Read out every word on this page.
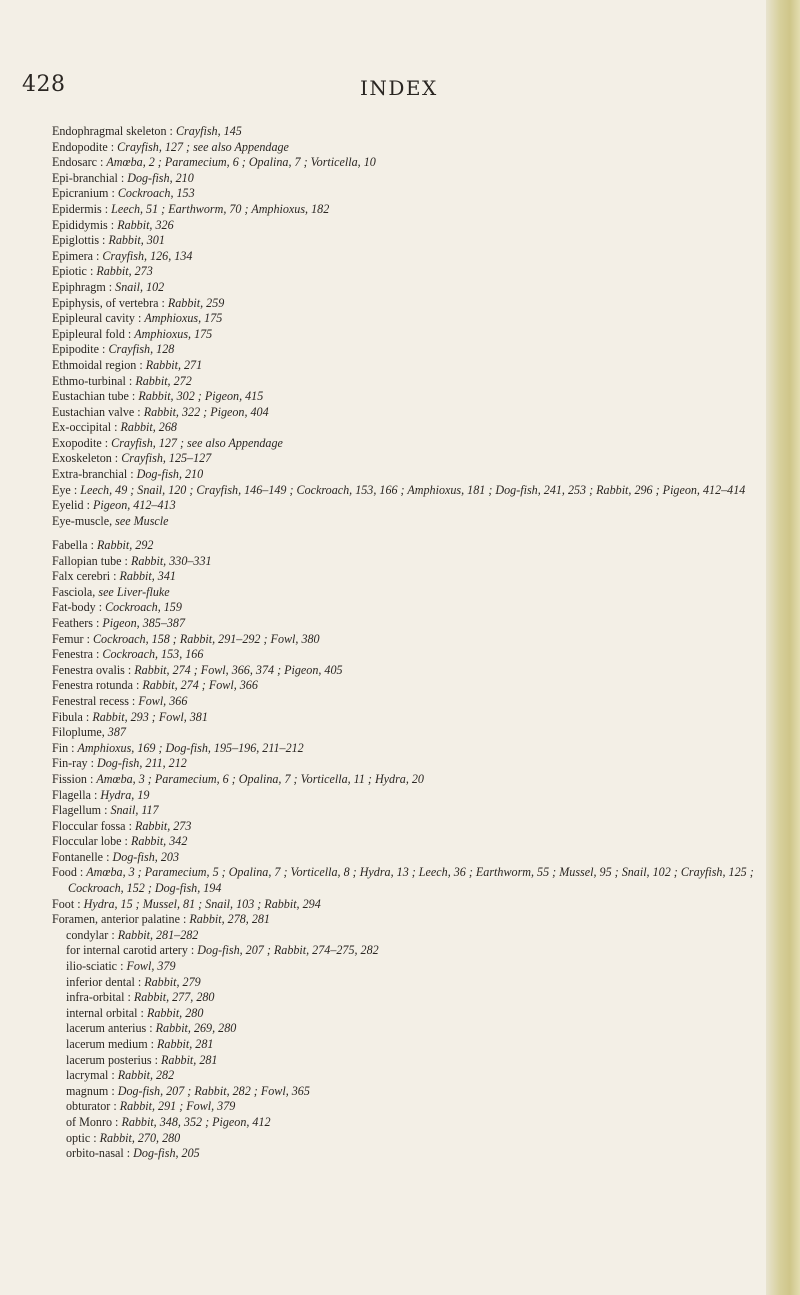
428	INDEX
Endophragmal skeleton : Crayfish, 145
Endopodite : Crayfish, 127 ; see also Appendage
Endosarc : Amœba, 2 ; Paramecium, 6 ; Opalina, 7 ; Vorticella, 10
Epi-branchial : Dog-fish, 210
Epicranium : Cockroach, 153
Epidermis : Leech, 51 ; Earthworm, 70 ; Amphioxus, 182
Epididymis : Rabbit, 326
Epiglottis : Rabbit, 301
Epimera : Crayfish, 126, 134
Epiotic : Rabbit, 273
Epiphragm : Snail, 102
Epiphysis, of vertebra : Rabbit, 259
Epipleural cavity : Amphioxus, 175
Epipleural fold : Amphioxus, 175
Epipodite : Crayfish, 128
Ethmoidal region : Rabbit, 271
Ethmo-turbinal : Rabbit, 272
Eustachian tube : Rabbit, 302 ; Pigeon, 415
Eustachian valve : Rabbit, 322 ; Pigeon, 404
Ex-occipital : Rabbit, 268
Exopodite : Crayfish, 127 ; see also Appendage
Exoskeleton : Crayfish, 125–127
Extra-branchial : Dog-fish, 210
Eye : Leech, 49 ; Snail, 120 ; Crayfish, 146–149 ; Cockroach, 153, 166 ; Amphioxus, 181 ; Dog-fish, 241, 253 ; Rabbit, 296 ; Pigeon, 412–414
Eyelid : Pigeon, 412–413
Eye-muscle, see Muscle
Fabella : Rabbit, 292
Fallopian tube : Rabbit, 330–331
Falx cerebri : Rabbit, 341
Fasciola, see Liver-fluke
Fat-body : Cockroach, 159
Feathers : Pigeon, 385–387
Femur : Cockroach, 158 ; Rabbit, 291–292 ; Fowl, 380
Fenestra : Cockroach, 153, 166
Fenestra ovalis : Rabbit, 274 ; Fowl, 366, 374 ; Pigeon, 405
Fenestra rotunda : Rabbit, 274 ; Fowl, 366
Fenestral recess : Fowl, 366
Fibula : Rabbit, 293 ; Fowl, 381
Filoplume, 387
Fin : Amphioxus, 169 ; Dog-fish, 195–196, 211–212
Fin-ray : Dog-fish, 211, 212
Fission : Amœba, 3 ; Paramecium, 6 ; Opalina, 7 ; Vorticella, 11 ; Hydra, 20
Flagella : Hydra, 19
Flagellum : Snail, 117
Floccular fossa : Rabbit, 273
Floccular lobe : Rabbit, 342
Fontanelle : Dog-fish, 203
Food : Amœba, 3 ; Paramecium, 5 ; Opalina, 7 ; Vorticella, 8 ; Hydra, 13 ; Leech, 36 ; Earthworm, 55 ; Mussel, 95 ; Snail, 102 ; Crayfish, 125 ; Cockroach, 152 ; Dog-fish, 194
Foot : Hydra, 15 ; Mussel, 81 ; Snail, 103 ; Rabbit, 294
Foramen, anterior palatine : Rabbit, 278, 281
condylar : Rabbit, 281–282
for internal carotid artery : Dog-fish, 207 ; Rabbit, 274–275, 282
ilio-sciatic : Fowl, 379
inferior dental : Rabbit, 279
infra-orbital : Rabbit, 277, 280
internal orbital : Rabbit, 280
lacerum anterius : Rabbit, 269, 280
lacerum medium : Rabbit, 281
lacerum posterius : Rabbit, 281
lacrymal : Rabbit, 282
magnum : Dog-fish, 207 ; Rabbit, 282 ; Fowl, 365
obturator : Rabbit, 291 ; Fowl, 379
of Monro : Rabbit, 348, 352 ; Pigeon, 412
optic : Rabbit, 270, 280
orbito-nasal : Dog-fish, 205
